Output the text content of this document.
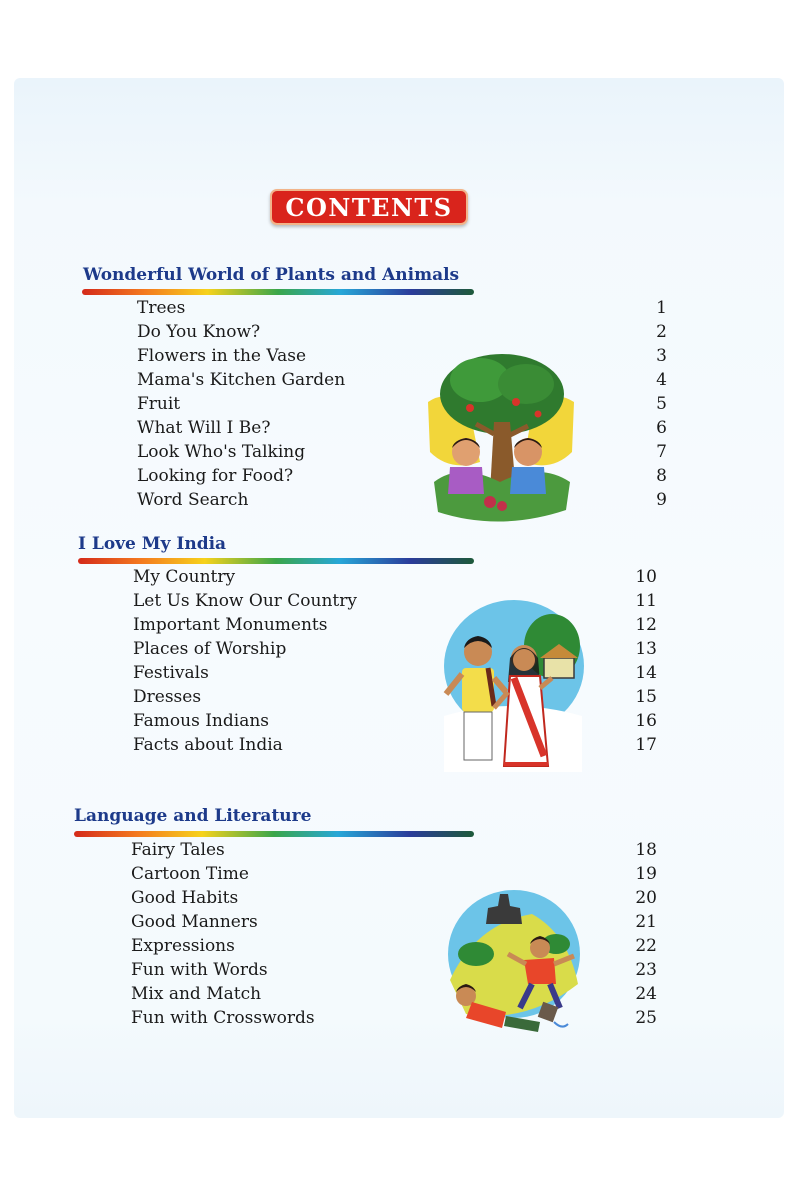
CONTENTS
Wonderful World of Plants and Animals
Trees	1
Do You Know?	2
Flowers in the Vase	3
Mama's Kitchen Garden	4
Fruit	5
What Will I Be?	6
Look Who's Talking	7
Looking for Food?	8
Word Search	9
I Love My India
My Country	10
Let Us Know Our Country	11
Important Monuments	12
Places of Worship	13
Festivals	14
Dresses	15
Famous Indians	16
Facts about India	17
Language and Literature
Fairy Tales	18
Cartoon Time	19
Good Habits	20
Good Manners	21
Expressions	22
Fun with Words	23
Mix and Match	24
Fun with Crosswords	25
